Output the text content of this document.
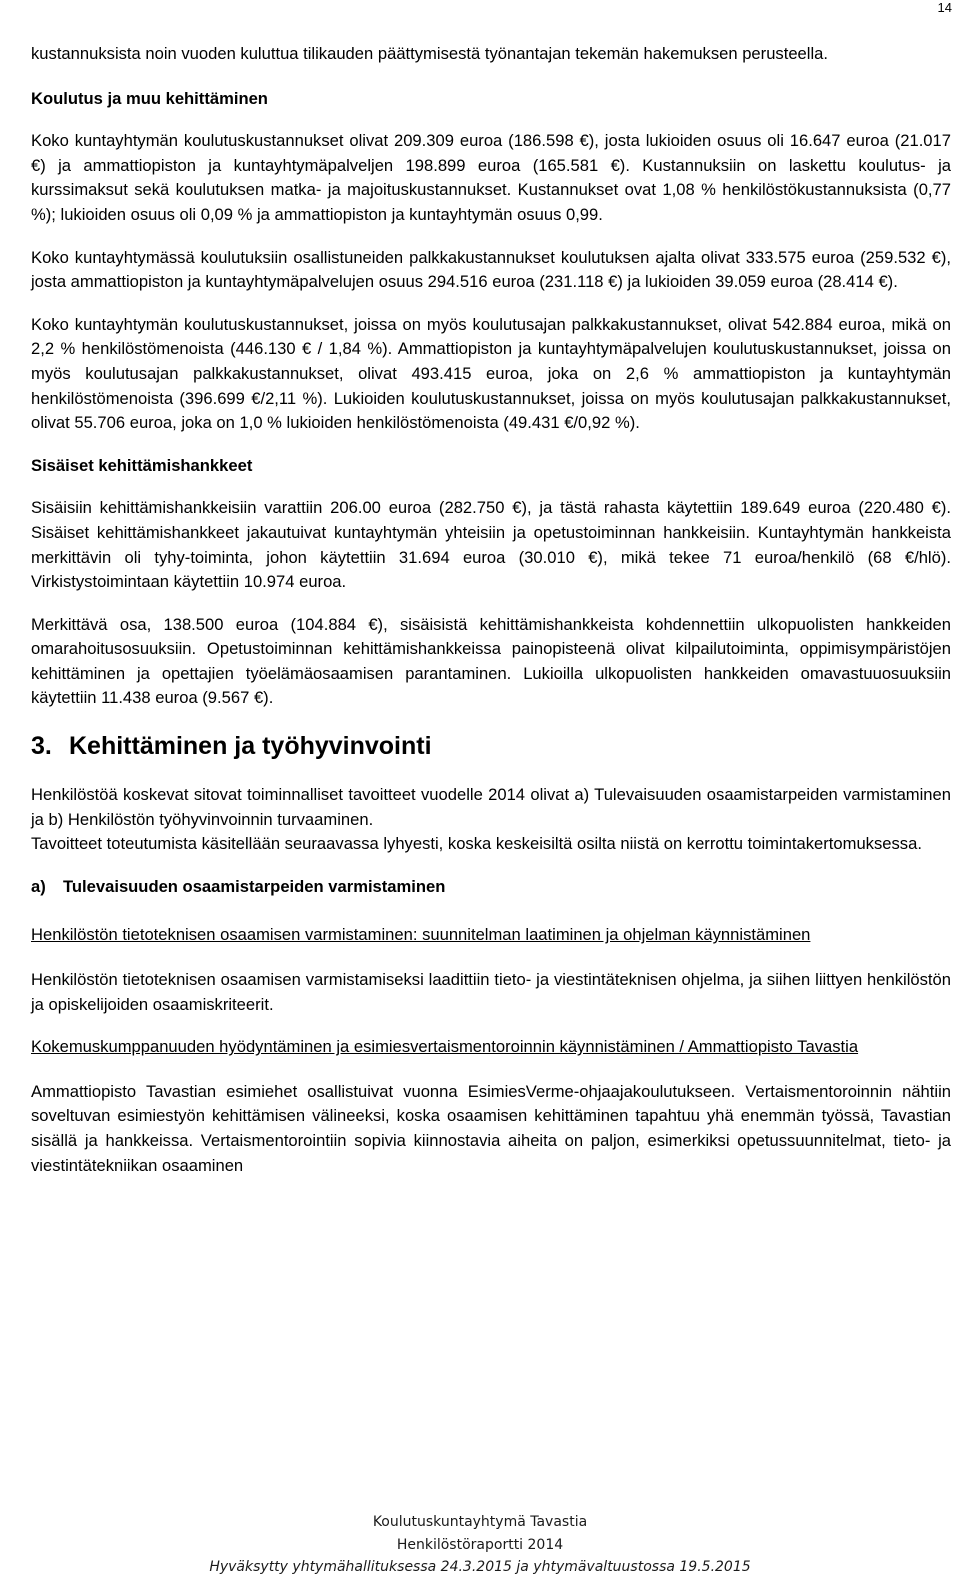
14

kustannuksista noin vuoden kuluttua tilikauden päättymisestä työnantajan tekemän hakemuksen perusteella.

Koulutus ja muu kehittäminen

Koko kuntayhtymän koulutuskustannukset olivat 209.309 euroa (186.598 €), josta lukioiden osuus oli 16.647 euroa (21.017 €) ja ammattiopiston ja kuntayhtymäpalveljen 198.899 euroa (165.581 €). Kustannuksiin on laskettu koulutus- ja kurssimaksut sekä koulutuksen matka- ja majoituskustannukset. Kustannukset ovat 1,08 % henkilöstökustannuksista (0,77 %); lukioiden osuus oli 0,09 % ja ammattiopiston ja kuntayhtymän osuus 0,99.

Koko kuntayhtymässä koulutuksiin osallistuneiden palkkakustannukset koulutuksen ajalta olivat 333.575 euroa (259.532 €), josta ammattiopiston ja kuntayhtymäpalvelujen osuus 294.516 euroa (231.118 €) ja lukioiden 39.059 euroa (28.414 €).

Koko kuntayhtymän koulutuskustannukset, joissa on myös koulutusajan palkkakustannukset, olivat 542.884 euroa, mikä on 2,2 % henkilöstömenoista (446.130 € / 1,84 %). Ammattiopiston ja kuntayhtymäpalvelujen koulutuskustannukset, joissa on myös koulutusajan palkkakustannukset, olivat 493.415 euroa, joka on 2,6 % ammattiopiston ja kuntayhtymän henkilöstömenoista (396.699 €/2,11 %). Lukioiden koulutuskustannukset, joissa on myös koulutusajan palkkakustannukset, olivat 55.706 euroa, joka on 1,0 % lukioiden henkilöstömenoista (49.431 €/0,92 %).

Sisäiset kehittämishankkeet

Sisäisiin kehittämishankkeisiin varattiin 206.00 euroa (282.750 €), ja tästä rahasta käytettiin 189.649 euroa (220.480 €). Sisäiset kehittämishankkeet jakautuivat kuntayhtymän yhteisiin ja opetustoiminnan hankkeisiin. Kuntayhtymän hankkeista merkittävin oli tyhy-toiminta, johon käytettiin 31.694 euroa (30.010 €), mikä tekee 71 euroa/henkilö (68 €/hlö). Virkistystoimintaan käytettiin 10.974 euroa.

Merkittävä osa, 138.500 euroa (104.884 €), sisäisistä kehittämishankkeista kohdennettiin ulkopuolisten hankkeiden omarahoitusosuuksiin. Opetustoiminnan kehittämishankkeissa painopisteenä olivat kilpailutoiminta, oppimisympäristöjen kehittäminen ja opettajien työelämäosaamisen parantaminen. Lukioilla ulkopuolisten hankkeiden omavastuuosuuksiin käytettiin 11.438 euroa (9.567 €).

3. Kehittäminen ja työhyvinvointi

Henkilöstöä koskevat sitovat toiminnalliset tavoitteet vuodelle 2014 olivat a) Tulevaisuuden osaamistarpeiden varmistaminen ja b) Henkilöstön työhyvinvoinnin turvaaminen.

Tavoitteet toteutumista käsitellään seuraavassa lyhyesti, koska keskeisiltä osilta niistä on kerrottu toimintakertomuksessa.

a) Tulevaisuuden osaamistarpeiden varmistaminen
Henkilöstön tietoteknisen osaamisen varmistaminen: suunnitelman laatiminen ja ohjelman käynnistäminen

Henkilöstön tietoteknisen osaamisen varmistamiseksi laadittiin tieto- ja viestintäteknisen ohjelma, ja siihen liittyen henkilöstön ja opiskelijoiden osaamiskriteerit.

Kokemuskumppanuuden hyödyntäminen ja esimiesvertaismentoroinnin käynnistäminen / Ammattiopisto Tavastia

Ammattiopisto Tavastian esimiehet osallistuivat vuonna EsimiesVerme-ohjaajakoulutukseen. Vertaismentoroinnin nähtiin soveltuvan esimiestyön kehittämisen välineeksi, koska osaamisen kehittäminen tapahtuu yhä enemmän työssä, Tavastian sisällä ja hankkeissa. Vertaismentorointiin sopivia kiinnostavia aiheita on paljon, esimerkiksi opetussuunnitelmat, tieto- ja viestintätekniikan osaaminen

Koulutuskuntayhtymä Tavastia
Henkilöstöraportti 2014
Hyväksytty yhtymähallituksessa 24.3.2015 ja yhtymävaltuustossa 19.5.2015
